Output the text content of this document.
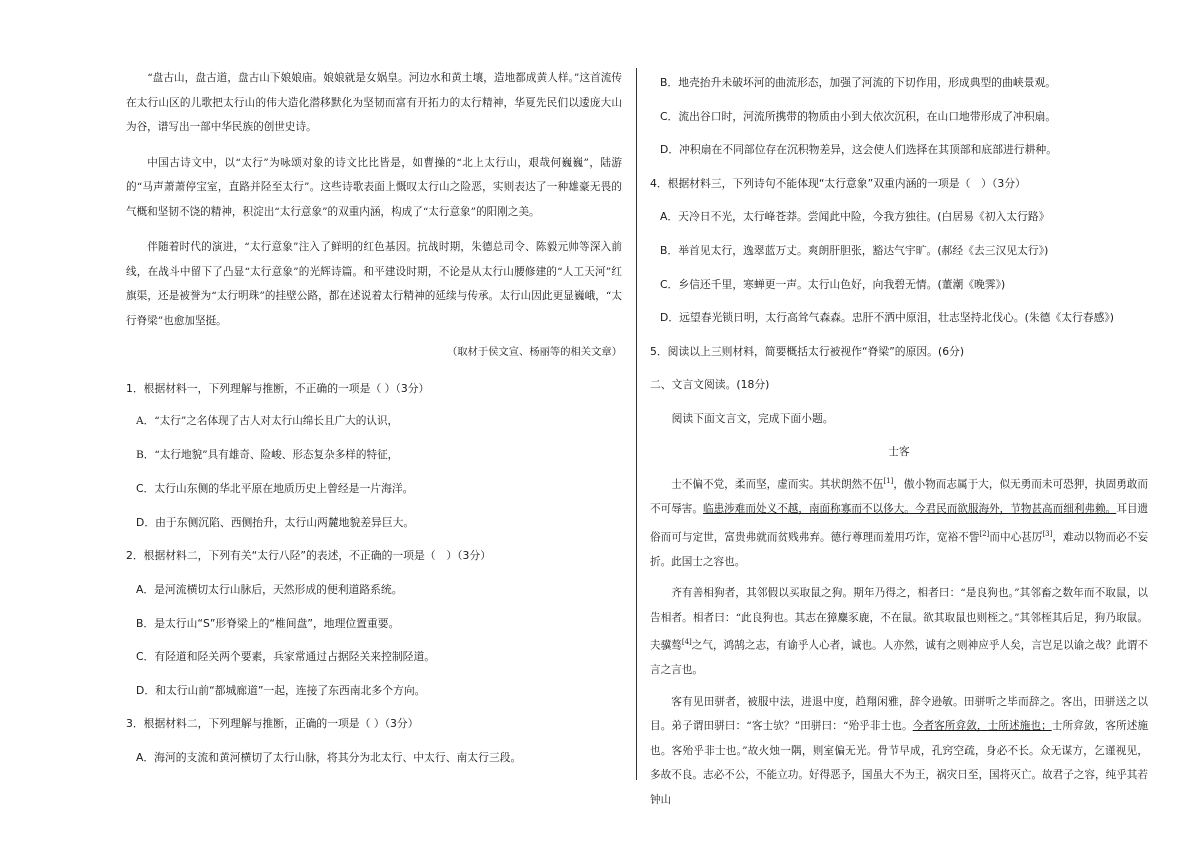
“盘古山，盘古道，盘古山下娘娘庙。娘娘就是女娲皇。河边水和黄土壤，造地都成黄人样。”这首流传在太行山区的儿歌把太行山的伟大造化潜移默化为坚韧而富有开拓力的太行精神，华夏先民们以逶庞大山为谷，谱写出一部中华民族的创世史诗。

中国古诗文中，以“太行”为咏颂对象的诗文比比皆是，如曹操的“北上太行山，艰哉何巍巍”，陆游的“马声萧萧停宝室，直路并陉至太行”。这些诗歌表面上慨叹太行山之险恶，实则表达了一种雄豪无畏的气概和坚韧不饶的精神，积淀出“太行意象”的双重内涵，构成了“太行意象”的阳刚之美。

伴随着时代的演进，“太行意象”注入了鲜明的红色基因。抗战时期，朱德总司令、陈毅元帅等深入前线，在战斗中留下了凸显“太行意象”的光辉诗篇。和平建设时期，不论是从太行山腰修建的“人工天河”红旗渠，还是被誉为“太行明珠”的挂壁公路，都在述说着太行精神的延续与传承。太行山因此更显巍峨，“太行脊梁”也愈加坚挺。

（取材于侯文宣、杨丽等的相关文章）

1．根据材料一，下列理解与推断，不正确的一项是（ ）（3分）
A．“太行”之名体现了古人对太行山绵长且广大的认识，
B．“太行地貌”具有雄奇、险峻、形态复杂多样的特征，
C．太行山东侧的华北平原在地质历史上曾经是一片海洋。
D．由于东侧沉陷、西侧抬升，太行山两麓地貌差异巨大。
2．根据材料二，下列有关“太行八陉”的表述，不正确的一项是（　）（3分）
A．是河流横切太行山脉后，天然形成的便利道路系统。
B．是太行山“S”形脊梁上的“椎间盘”，地理位置重要。
C．有陉道和陉关两个要素，兵家常通过占据陉关来控制陉道。
D．和太行山前“都城廊道”一起，连接了东西南北多个方向。
3．根据材料二，下列理解与推断，正确的一项是（ ）（3分）
A．海河的支流和黄河横切了太行山脉，将其分为北太行、中太行、南太行三段。
B．地壳抬升未破坏河的曲流形态，加强了河流的下切作用，形成典型的曲峡景观。
C．流出谷口时，河流所携带的物质由小到大依次沉积，在山口地带形成了冲积扇。
D．冲积扇在不同部位存在沉积物差异，这会使人们选择在其顶部和底部进行耕种。
4．根据材料三，下列诗句不能体现“太行意象”双重内涵的一项是（　）（3分）
A．天冷日不光，太行峰苍莽。尝闻此中险，今我方独往。(白居易《初入太行路》
B．举首见太行，逸翠蓝万丈。爽朗肝胆张，豁达气宇旷。(郝经《去三汉见太行》)
C．乡信还千里，寒蝉更一声。太行山色好，向我碧无情。(董潮《晚霁》)
D．远望春光锁日明，太行高耸气森森。忠肝不洒中原泪，壮志坚持北伐心。(朱德《太行春感》)
5．阅读以上三则材料，简要概括太行被视作“脊梁”的原因。(6分)
二、文言文阅读。(18分)
阅读下面文言文，完成下面小题。
士客

士不偏不党，柔而坚，虚而实。其状朗然不伍[1]，傲小物而志属于大，似无勇而未可恐狎，执固勇敢而不可辱害。临患涉难而处义不越，南面称寡而不以侈大。今君民而欲服海外，节物甚高而细利弗赖。耳目遗俗而可与定世，富贵弗就而贫贱弗弃。德行尊理而羞用巧诈，宽裕不訾[2]而中心甚厉[3]，难动以物而必不妄折。此国士之容也。

齐有善相狗者，其邻假以买取鼠之狗。期年乃得之，相者曰：“是良狗也。”其邻畜之数年而不取鼠，以告相者。相者曰：“此良狗也。其志在獐麋豕鹿，不在鼠。欲其取鼠也则桎之。”其邻桎其后足，狗乃取鼠。夫骥骜[4]之气，鸿鹄之志，有谕乎人心者，诚也。人亦然，诚有之则神应乎人矣，言岂足以谕之哉？此谓不言之言也。

客有见田骈者，被服中法，进退中度，趋翔闲雅，辞令逊敏。田骈听之毕而辞之。客出，田骈送之以目。弟子谓田骈曰：“客士欤？”田骈曰：“殆乎非士也。今者客所弇敛，士所述施也；士所弇敛，客所述施也。客殆乎非士也。”故火烛一隅，则室偏无光。骨节早成，孔窍空疏，身必不长。众无谋方，乞谨视见，多故不良。志必不公，不能立功。好得恶予，国虽大不为王，祸灾日至，国将灭亡。故君子之容，纯乎其若钟山
